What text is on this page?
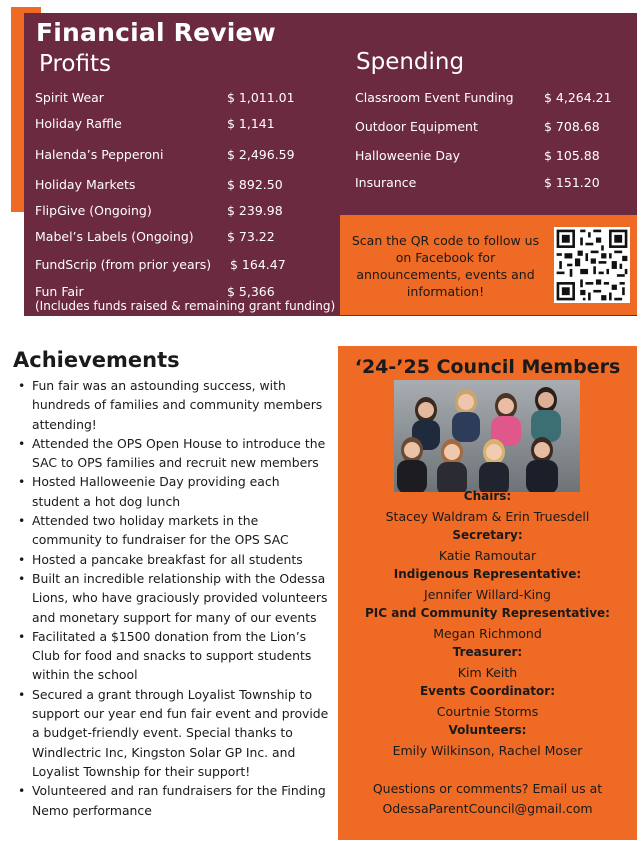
Financial Review
Profits	Spending
Spirit Wear	$ 1,011.01
Holiday Raffle	$ 1,141
Halenda’s Pepperoni	$ 2,496.59
Holiday Markets	$ 892.50
FlipGive (Ongoing)	$ 239.98
Mabel’s Labels (Ongoing)	$ 73.22
FundScrip (from prior years) $ 164.47
Fun Fair	$ 5,366
(Includes funds raised & remaining grant funding)
Classroom Event Funding $ 4,264.21
Outdoor Equipment	$ 708.68
Halloweenie Day	$ 105.88
Insurance	$ 151.20
Scan the QR code to follow us on Facebook for announcements, events and information!
Achievements
• Fun fair was an astounding success, with hundreds of families and community members attending!
• Attended the OPS Open House to introduce the SAC to OPS families and recruit new members
• Hosted Halloweenie Day providing each student a hot dog lunch
• Attended two holiday markets in the community to fundraiser for the OPS SAC
• Hosted a pancake breakfast for all students
• Built an incredible relationship with the Odessa Lions, who have graciously provided volunteers and monetary support for many of our events
• Facilitated a $1500 donation from the Lion’s Club for food and snacks to support students within the school
• Secured a grant through Loyalist Township to support our year end fun fair event and provide a budget-friendly event. Special thanks to Windlectric Inc, Kingston Solar GP Inc. and Loyalist Township for their support!
• Volunteered and ran fundraisers for the Finding Nemo performance
‘24-’25 Council Members
Chairs:
Stacey Waldram & Erin Truesdell
Secretary:
Katie Ramoutar
Indigenous Representative:
Jennifer Willard-King
PIC and Community Representative:
Megan Richmond
Treasurer:
Kim Keith
Events Coordinator:
Courtnie Storms
Volunteers:
Emily Wilkinson, Rachel Moser
Questions or comments? Email us at
OdessaParentCouncil@gmail.com
